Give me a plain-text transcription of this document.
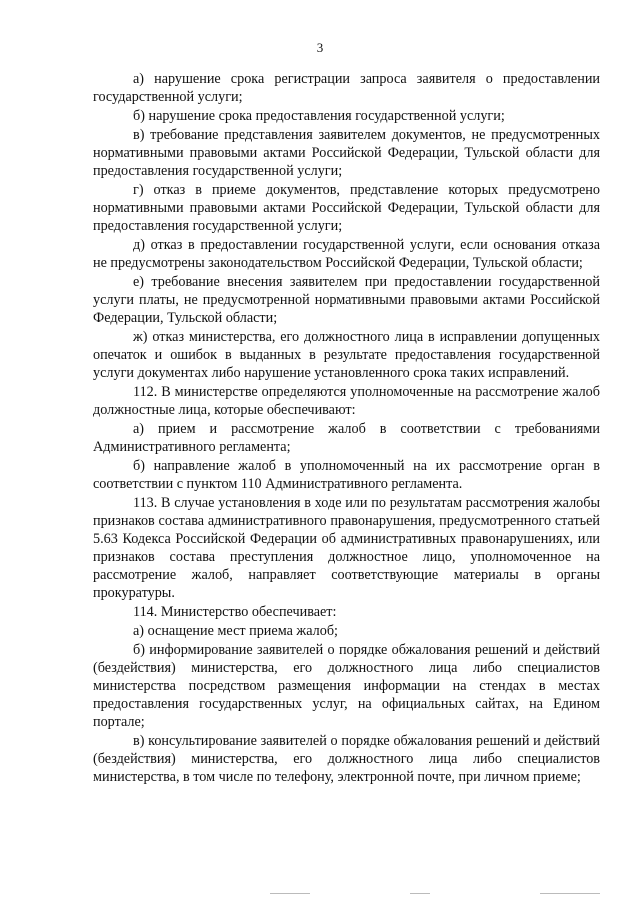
3

а) нарушение срока регистрации запроса заявителя о предоставлении государственной услуги;

б) нарушение срока предоставления государственной услуги;

в) требование представления заявителем документов, не предусмотренных нормативными правовыми актами Российской Федерации, Тульской области для предоставления государственной услуги;

г) отказ в приеме документов, представление которых предусмотрено нормативными правовыми актами Российской Федерации, Тульской области для предоставления государственной услуги;

д) отказ в предоставлении государственной услуги, если основания отказа не предусмотрены законодательством Российской Федерации, Тульской области;

е) требование внесения заявителем при предоставлении государственной услуги платы, не предусмотренной нормативными правовыми актами Российской Федерации, Тульской области;

ж) отказ министерства, его должностного лица в исправлении допущенных опечаток и ошибок в выданных в результате предоставления государственной услуги документах либо нарушение установленного срока таких исправлений.

112. В министерстве определяются уполномоченные на рассмотрение жалоб должностные лица, которые обеспечивают:

а) прием и рассмотрение жалоб в соответствии с требованиями Административного регламента;

б) направление жалоб в уполномоченный на их рассмотрение орган в соответствии с пунктом 110 Административного регламента.

113. В случае установления в ходе или по результатам рассмотрения жалобы признаков состава административного правонарушения, предусмотренного статьей 5.63 Кодекса Российской Федерации об административных правонарушениях, или признаков состава преступления должностное лицо, уполномоченное на рассмотрение жалоб, направляет соответствующие материалы в органы прокуратуры.

114. Министерство обеспечивает:

а) оснащение мест приема жалоб;

б) информирование заявителей о порядке обжалования решений и действий (бездействия) министерства, его должностного лица либо специалистов министерства посредством размещения информации на стендах в местах предоставления государственных услуг, на официальных сайтах, на Едином портале;

в) консультирование заявителей о порядке обжалования решений и действий (бездействия) министерства, его должностного лица либо специалистов министерства, в том числе по телефону, электронной почте, при личном приеме;
